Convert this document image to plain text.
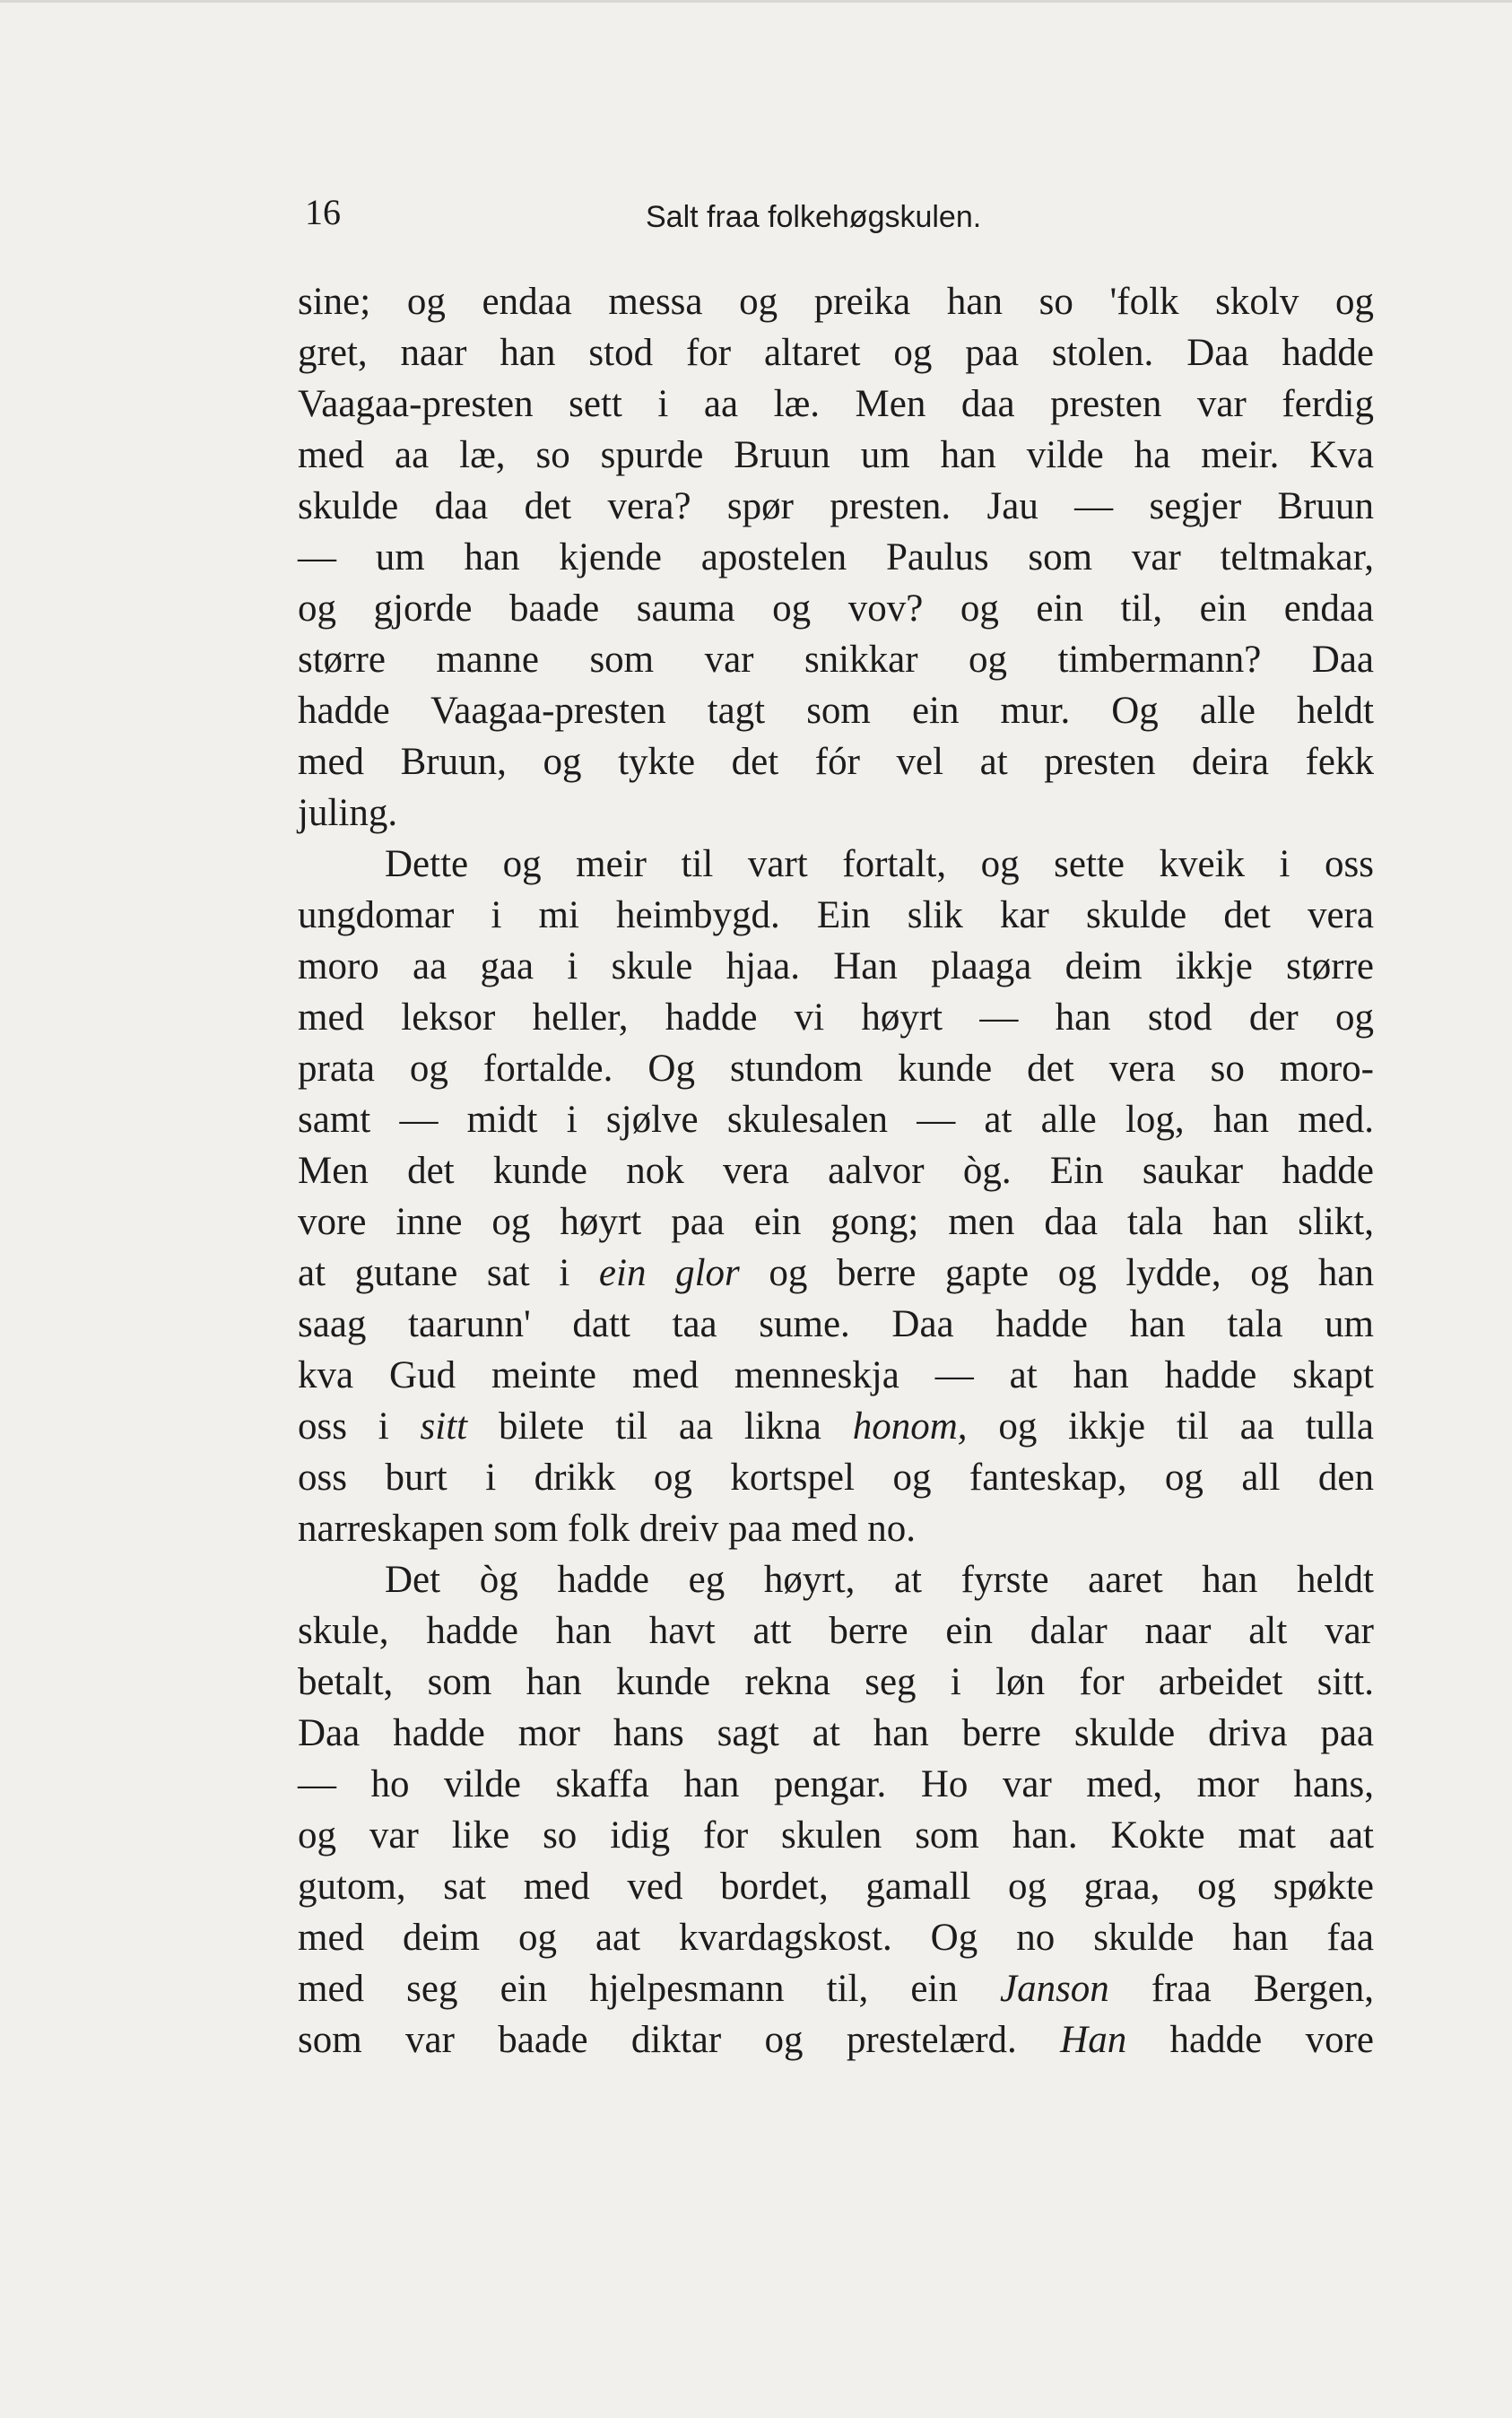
16	Salt fraa folkehøgskulen.
sine; og endaa messa og preika han so 'folk skolv og
gret, naar han stod for altaret og paa stolen. Daa hadde
Vaagaa-presten sett i aa læ. Men daa presten var ferdig
med aa læ, so spurde Bruun um han vilde ha meir. Kva
skulde daa det vera? spør presten. Jau — segjer Bruun
— um han kjende apostelen Paulus som var teltmakar,
og gjorde baade sauma og vov? og ein til, ein endaa
større manne som var snikkar og timbermann? Daa
hadde Vaagaa-presten tagt som ein mur. Og alle heldt
med Bruun, og tykte det fór vel at presten deira fekk
juling.
Dette og meir til vart fortalt, og sette kveik i oss
ungdomar i mi heimbygd. Ein slik kar skulde det vera
moro aa gaa i skule hjaa. Han plaaga deim ikkje større
med leksor heller, hadde vi høyrt — han stod der og
prata og fortalde. Og stundom kunde det vera so moro-
samt — midt i sjølve skulesalen — at alle log, han med.
Men det kunde nok vera aalvor òg. Ein saukar hadde
vore inne og høyrt paa ein gong; men daa tala han slikt,
at gutane sat i ein glor og berre gapte og lydde, og han
saag taarunn' datt taa sume. Daa hadde han tala um
kva Gud meinte med menneskja — at han hadde skapt
oss i sitt bilete til aa likna honom, og ikkje til aa tulla
oss burt i drikk og kortspel og fanteskap, og all den
narreskapen som folk dreiv paa med no.
Det òg hadde eg høyrt, at fyrste aaret han heldt
skule, hadde han havt att berre ein dalar naar alt var
betalt, som han kunde rekna seg i løn for arbeidet sitt.
Daa hadde mor hans sagt at han berre skulde driva paa
— ho vilde skaffa han pengar. Ho var med, mor hans,
og var like so idig for skulen som han. Kokte mat aat
gutom, sat med ved bordet, gamall og graa, og spøkte
med deim og aat kvardagskost. Og no skulde han faa
med seg ein hjelpesmann til, ein Janson fraa Bergen,
som var baade diktar og prestelærd. Han hadde vore
